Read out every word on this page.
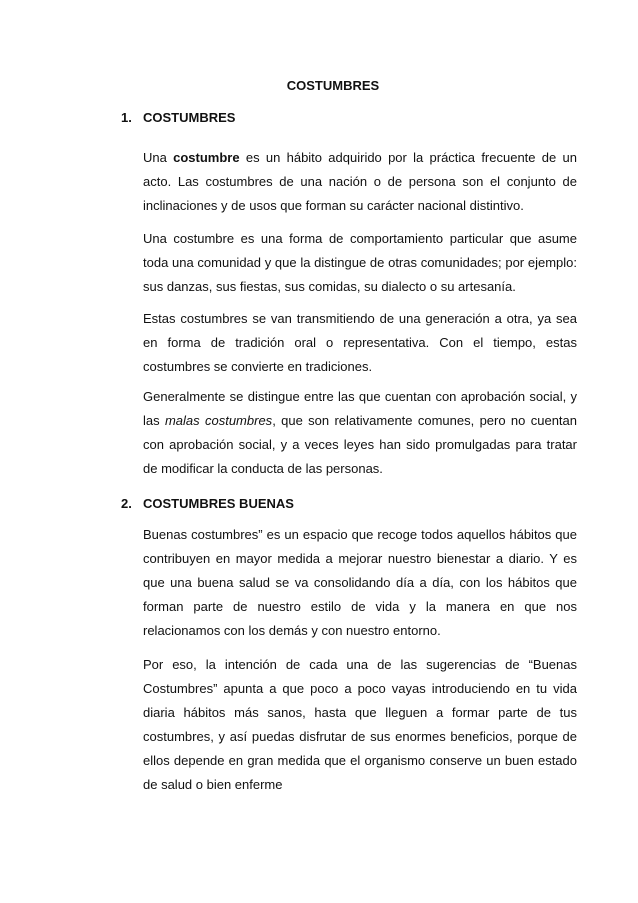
COSTUMBRES
1. COSTUMBRES

Una costumbre es un hábito adquirido por la práctica frecuente de un acto. Las costumbres de una nación o de persona son el conjunto de inclinaciones y de usos que forman su carácter nacional distintivo.

Una costumbre es una forma de comportamiento particular que asume toda una comunidad y que la distingue de otras comunidades; por ejemplo: sus danzas, sus fiestas, sus comidas, su dialecto o su artesanía.

Estas costumbres se van transmitiendo de una generación a otra, ya sea en forma de tradición oral o representativa. Con el tiempo, estas costumbres se convierte en tradiciones.

Generalmente se distingue entre las que cuentan con aprobación social, y las malas costumbres, que son relativamente comunes, pero no cuentan con aprobación social, y a veces leyes han sido promulgadas para tratar de modificar la conducta de las personas.

2. COSTUMBRES BUENAS

Buenas costumbres” es un espacio que recoge todos aquellos hábitos que contribuyen en mayor medida a mejorar nuestro bienestar a diario. Y es que una buena salud se va consolidando día a día, con los hábitos que forman parte de nuestro estilo de vida y la manera en que nos relacionamos con los demás y con nuestro entorno.

Por eso, la intención de cada una de las sugerencias de “Buenas Costumbres” apunta a que poco a poco vayas introduciendo en tu vida diaria hábitos más sanos, hasta que lleguen a formar parte de tus costumbres, y así puedas disfrutar de sus enormes beneficios, porque de ellos depende en gran medida que el organismo conserve un buen estado de salud o bien enferme
